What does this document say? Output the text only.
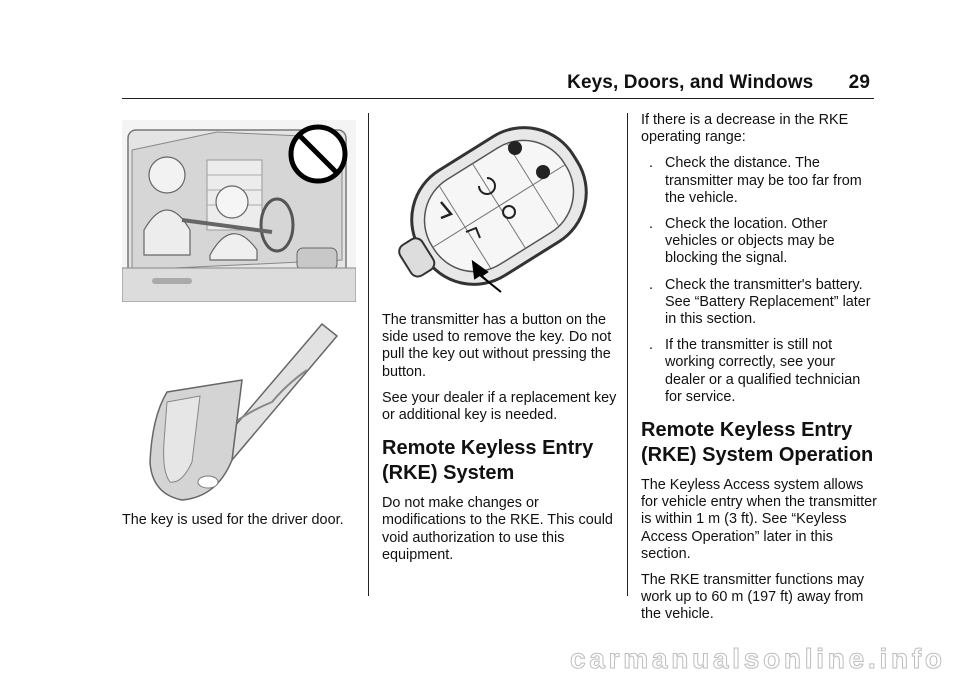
Keys, Doors, and Windows 29

The key is used for the driver door.

The transmitter has a button on the side used to remove the key. Do not pull the key out without pressing the button.

See your dealer if a replacement key or additional key is needed.

Remote Keyless Entry (RKE) System

Do not make changes or modifications to the RKE. This could void authorization to use this equipment.

If there is a decrease in the RKE operating range:

. Check the distance. The transmitter may be too far from the vehicle.
. Check the location. Other vehicles or objects may be blocking the signal.
. Check the transmitter's battery. See “Battery Replacement” later in this section.
. If the transmitter is still not working correctly, see your dealer or a qualified technician for service.
Remote Keyless Entry (RKE) System Operation

The Keyless Access system allows for vehicle entry when the transmitter is within 1 m (3 ft). See “Keyless Access Operation” later in this section.

The RKE transmitter functions may work up to 60 m (197 ft) away from the vehicle.

carmanualsonline.info
